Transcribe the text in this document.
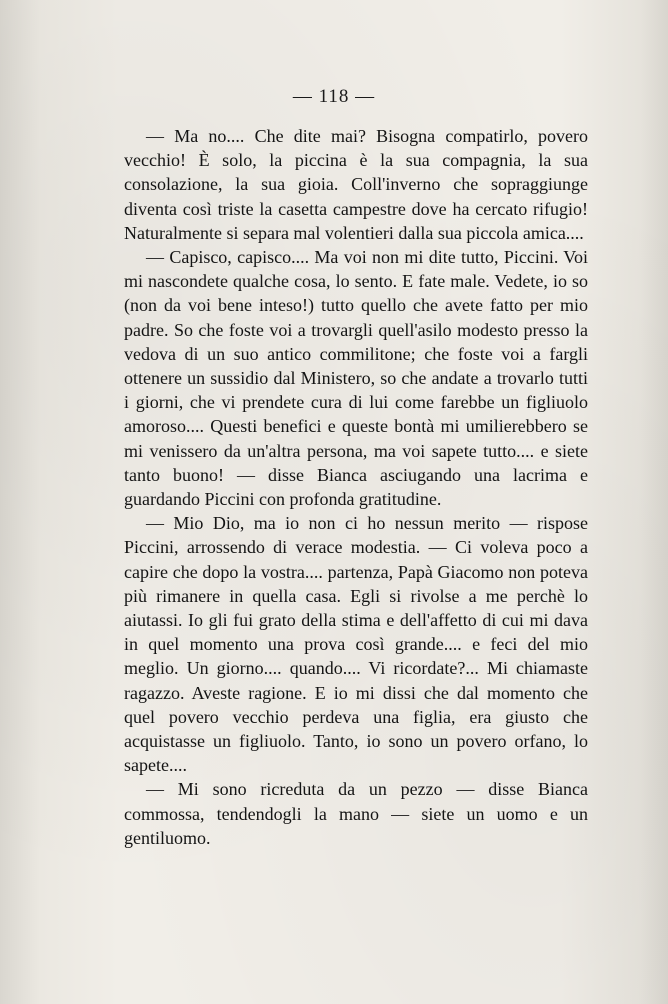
— 118 —

— Ma no.... Che dite mai? Bisogna compatirlo, povero vecchio! È solo, la piccina è la sua compagnia, la sua consolazione, la sua gioia. Coll'inverno che sopraggiunge diventa così triste la casetta campestre dove ha cercato rifugio! Naturalmente si separa mal volentieri dalla sua piccola amica....

— Capisco, capisco.... Ma voi non mi dite tutto, Piccini. Voi mi nascondete qualche cosa, lo sento. E fate male. Vedete, io so (non da voi bene inteso!) tutto quello che avete fatto per mio padre. So che foste voi a trovargli quell'asilo modesto presso la vedova di un suo antico commilitone; che foste voi a fargli ottenere un sussidio dal Ministero, so che andate a trovarlo tutti i giorni, che vi prendete cura di lui come farebbe un figliuolo amoroso.... Questi benefici e queste bontà mi umilierebbero se mi venissero da un'altra persona, ma voi sapete tutto.... e siete tanto buono! — disse Bianca asciugando una lacrima e guardando Piccini con profonda gratitudine.

— Mio Dio, ma io non ci ho nessun merito — rispose Piccini, arrossendo di verace modestia. — Ci voleva poco a capire che dopo la vostra.... partenza, Papà Giacomo non poteva più rimanere in quella casa. Egli si rivolse a me perchè lo aiutassi. Io gli fui grato della stima e dell'affetto di cui mi dava in quel momento una prova così grande.... e feci del mio meglio. Un giorno.... quando.... Vi ricordate?... Mi chiamaste ragazzo. Aveste ragione. E io mi dissi che dal momento che quel povero vecchio perdeva una figlia, era giusto che acquistasse un figliuolo. Tanto, io sono un povero orfano, lo sapete....

— Mi sono ricreduta da un pezzo — disse Bianca commossa, tendendogli la mano — siete un uomo e un gentiluomo.
